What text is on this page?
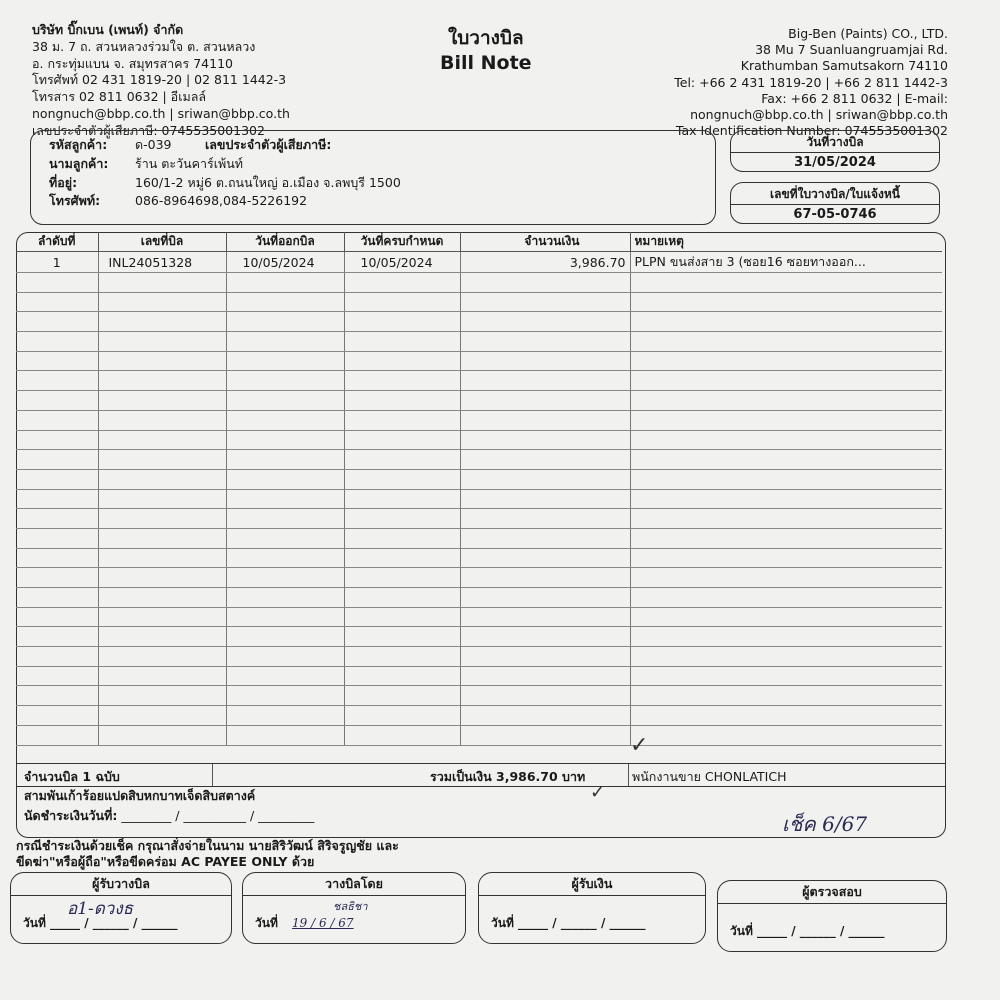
บริษัท บิ๊กเบน (เพนท์) จำกัด
38 ม. 7 ถ. สวนหลวงร่วมใจ ต. สวนหลวง
อ. กระทุ่มแบน จ. สมุทรสาคร 74110
โทรศัพท์ 02 431 1819-20 | 02 811 1442-3
โทรสาร 02 811 0632 | อีเมลล์
nongnuch@bbp.co.th | sriwan@bbp.co.th
เลขประจำตัวผู้เสียภาษี: 0745535001302
ใบวางบิล
Bill Note
Big-Ben (Paints) CO., LTD.
38 Mu 7 Suanluangruamjai Rd.
Krathumban Samutsakorn 74110
Tel: +66 2 431 1819-20 | +66 2 811 1442-3
Fax: +66 2 811 0632 | E-mail:
nongnuch@bbp.co.th | sriwan@bbp.co.th
Tax Identification Number: 0745535001302
รหัสลูกค้า: ด-039	เลขประจำตัวผู้เสียภาษี:
นามลูกค้า: ร้าน ตะวันคาร์เพ้นท์
ที่อยู่:	160/1-2 หมู่6 ต.ถนนใหญ่ อ.เมือง จ.ลพบุรี 1500
โทรศัพท์:	086-8964698,084-5226192
วันที่วางบิล
31/05/2024
เลขที่ใบวางบิล/ใบแจ้งหนี้
67-05-0746
ลำดับที่	เลขที่บิล	วันที่ออกบิล	วันที่ครบกำหนด	จำนวนเงิน	หมายเหตุ
1	INL24051328	10/05/2024	10/05/2024	3,986.70	PLPN ขนส่งสาย 3 (ซอย16 ซอยทางออก...

✓
จำนวนบิล 1 ฉบับ	รวมเป็นเงิน 3,986.70 บาท	พนักงานขาย CHONLATICH
สามพันเก้าร้อยแปดสิบหกบาทเจ็ดสิบสตางค์	✓
นัดชำระเงินวันที่: ________ / __________ / _________	เช็ค 6/67
กรณีชำระเงินด้วยเช็ค กรุณาสั่งจ่ายในนาม นายสิริวัฒน์ สิริจรูญชัย และ
ขีดฆ่า"หรือผู้ถือ"หรือขีดคร่อม AC PAYEE ONLY ด้วย
ผู้รับวางบิล
อ1-ดวงธ
วันที่ _____ / ______ / ______
วางบิลโดย
ชลธิชา
วันที่ 19 / 6 / 67
ผู้รับเงิน
วันที่ _____ / ______ / ______
ผู้ตรวจสอบ
วันที่ _____ / ______ / ______
